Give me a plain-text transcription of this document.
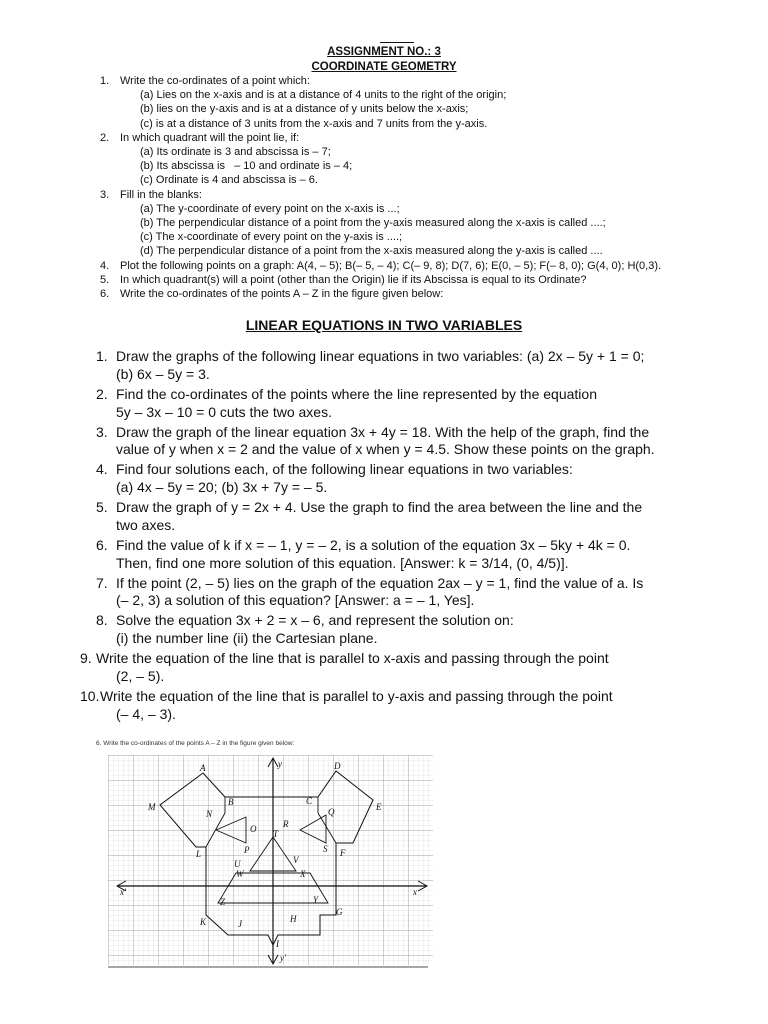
ASSIGNMENT NO.: 3
COORDINATE GEOMETRY
1. Write the co-ordinates of a point which:
(a) Lies on the x-axis and is at a distance of 4 units to the right of the origin;
(b) lies on the y-axis and is at a distance of y units below the x-axis;
(c) is at a distance of 3 units from the x-axis and 7 units from the y-axis.
2. In which quadrant will the point lie, if:
(a) Its ordinate is 3 and abscissa is – 7;
(b) Its abscissa is   – 10 and ordinate is – 4;
(c) Ordinate is 4 and abscissa is – 6.
3. Fill in the blanks:
(a) The y-coordinate of every point on the x-axis is ...;
(b) The perpendicular distance of a point from the y-axis measured along the x-axis is called ....;
(c) The x-coordinate of every point on the y-axis is ....;
(d) The perpendicular distance of a point from the x-axis measured along the y-axis is called ....
4. Plot the following points on a graph: A(4, – 5); B(– 5, – 4); C(– 9, 8); D(7, 6); E(0, – 5); F(– 8, 0); G(4, 0); H(0,3).
5. In which quadrant(s) will a point (other than the Origin) lie if its Abscissa is equal to its Ordinate?
6. Write the co-ordinates of the points A – Z in the figure given below:
LINEAR EQUATIONS IN TWO VARIABLES
1. Draw the graphs of the following linear equations in two variables: (a) 2x – 5y + 1 = 0;
(b) 6x – 5y = 3.
2. Find the co-ordinates of the points where the line represented by the equation
5y – 3x – 10 = 0 cuts the two axes.
3. Draw the graph of the linear equation 3x + 4y = 18. With the help of the graph, find the
value of y when x = 2 and the value of x when y = 4.5. Show these points on the graph.
4. Find four solutions each, of the following linear equations in two variables:
(a) 4x – 5y = 20; (b) 3x + 7y = – 5.
5. Draw the graph of y = 2x + 4. Use the graph to find the area between the line and the
two axes.
6. Find the value of k if x = – 1, y = – 2, is a solution of the equation 3x – 5ky + 4k = 0.
Then, find one more solution of this equation. [Answer: k = 3/14, (0, 4/5)].
7. If the point (2, – 5) lies on the graph of the equation 2ax – y = 1, find the value of a. Is
(– 2, 3) a solution of this equation? [Answer: a = – 1, Yes].
8. Solve the equation 3x + 2 = x – 6, and represent the solution on:
(i) the number line (ii) the Cartesian plane.
9. Write the equation of the line that is parallel to x-axis and passing through the point
(2, – 5).
10. Write the equation of the line that is parallel to y-axis and passing through the point
(– 4, – 3).
6. Write the co-ordinates of the points A – Z in the figure given below:
y
y'
x'	x
A
B	C
D
E
F
G
H
I
J
K
L
M
N
O
P
Q
R
S
T
U	V
W	X
Y
Z
